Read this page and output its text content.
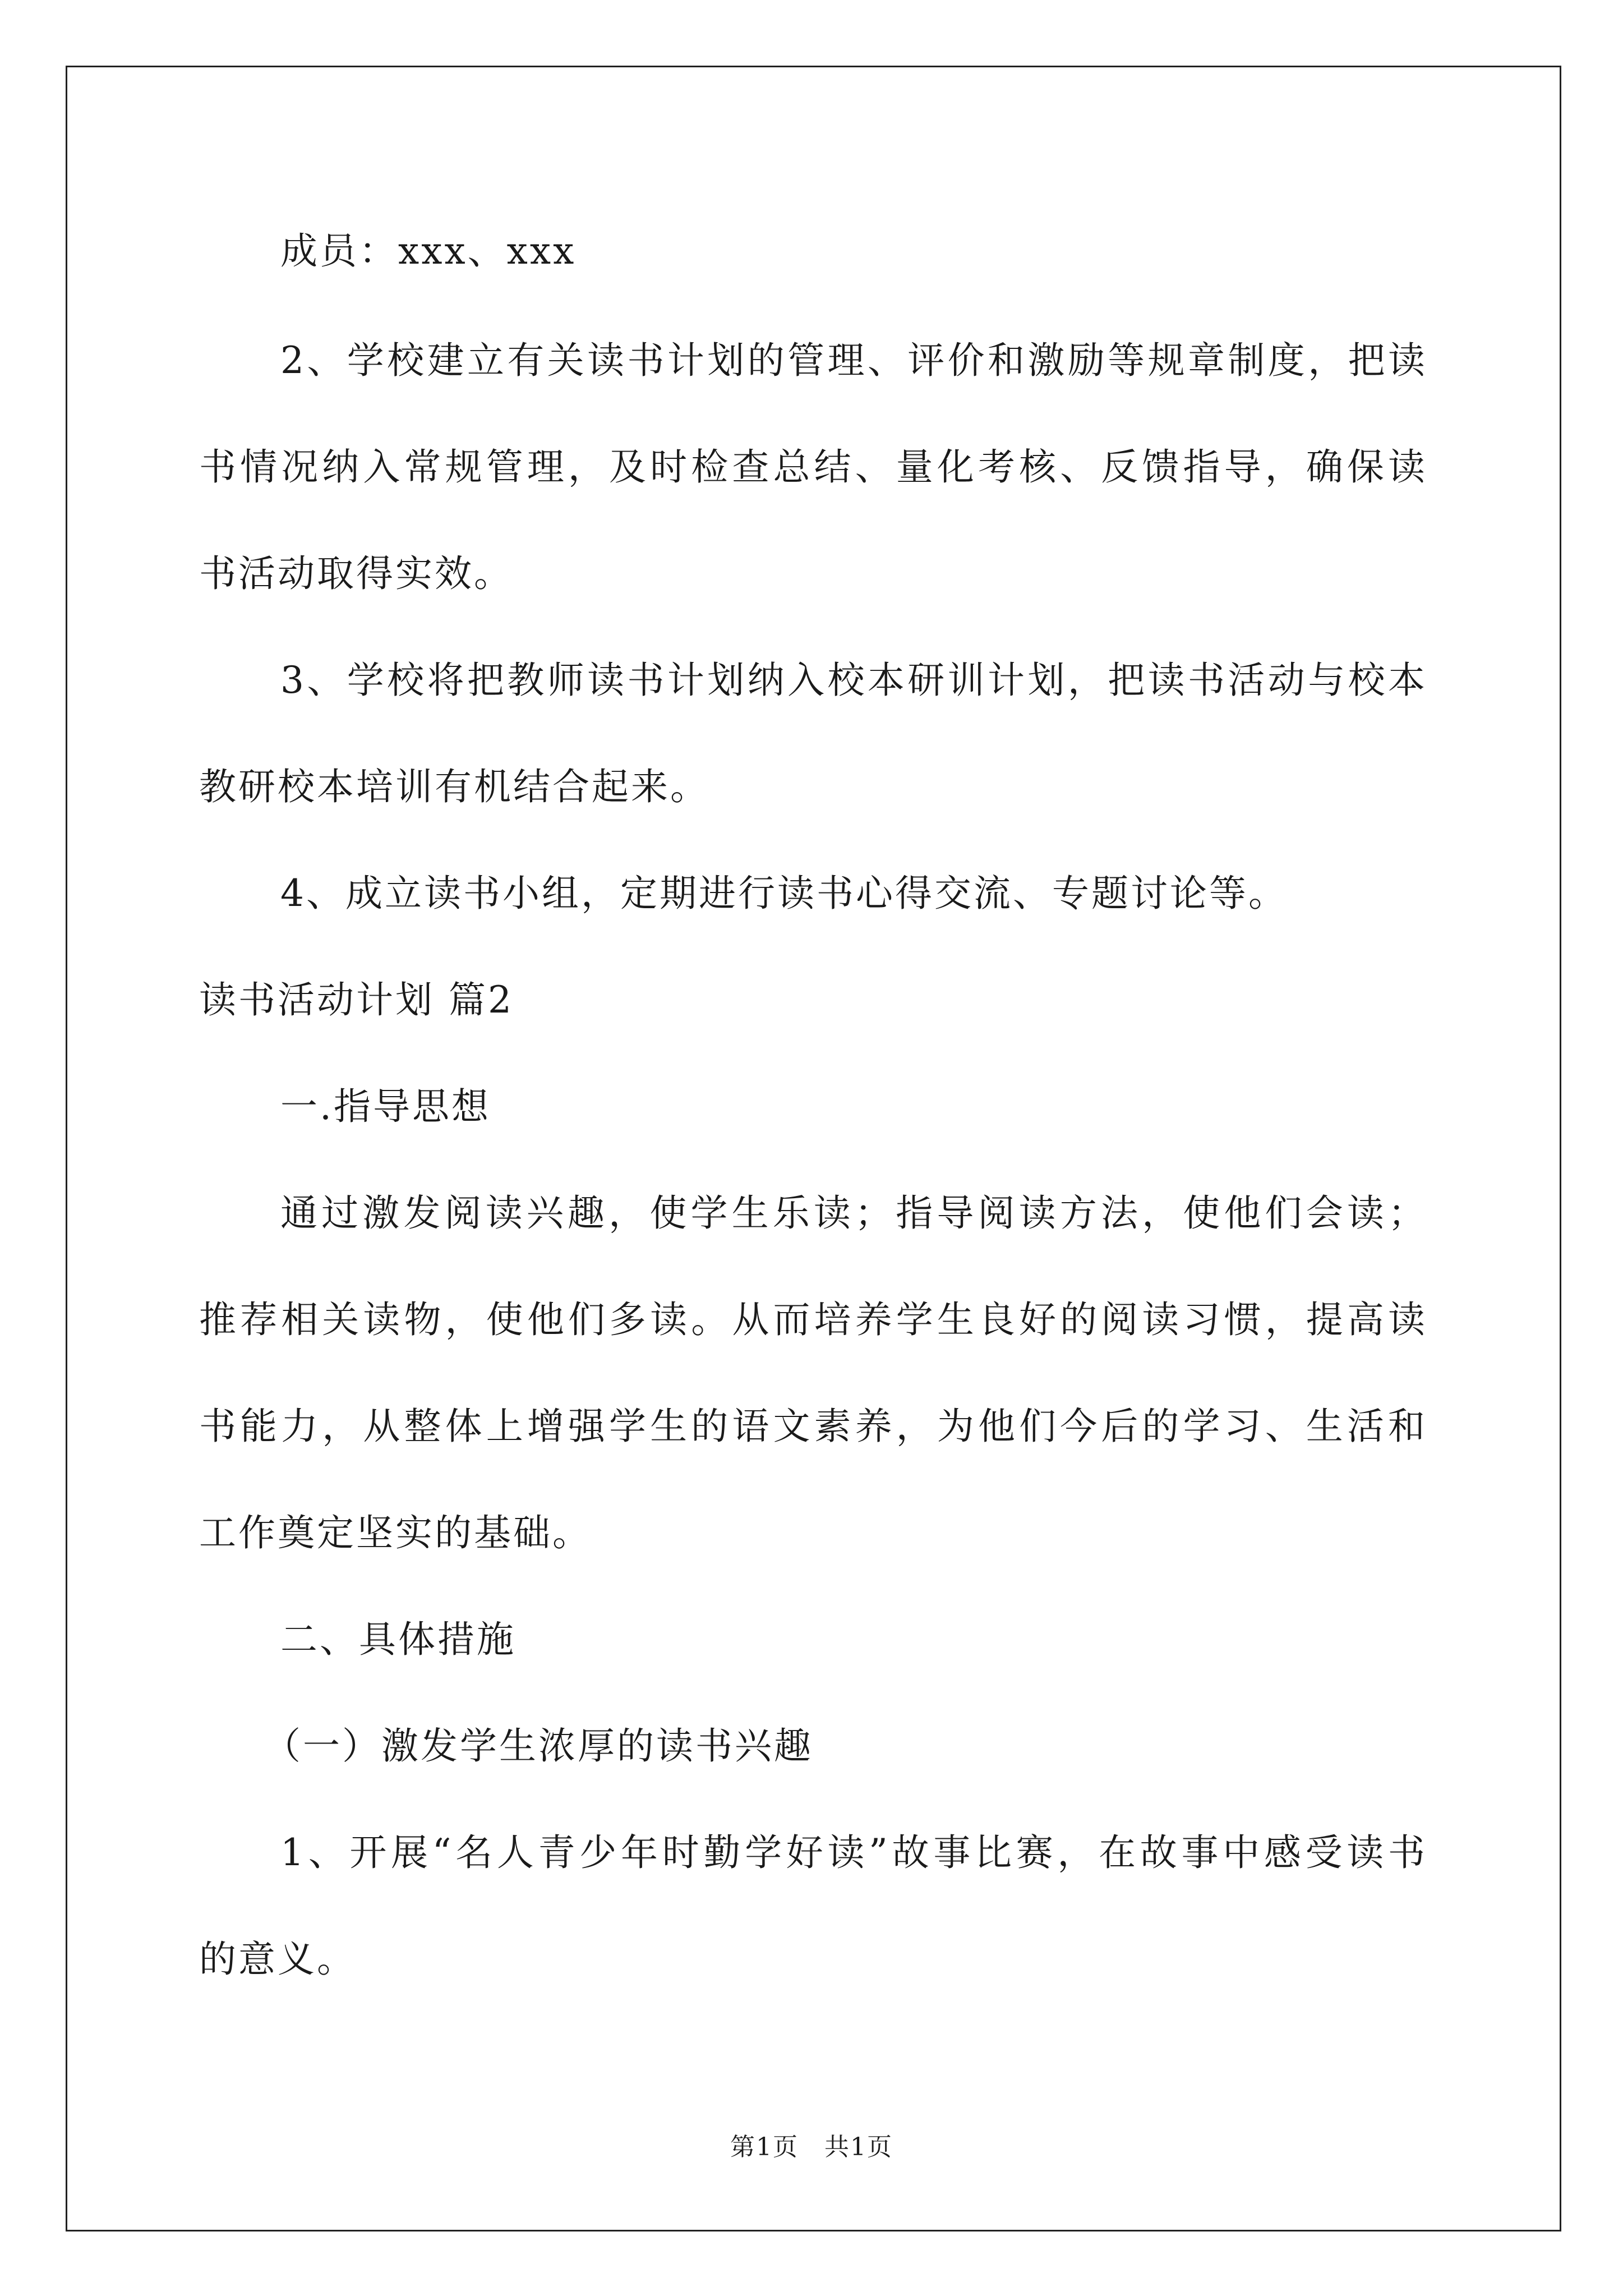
成员：xxx、xxx
2、学校建立有关读书计划的管理、评价和激励等规章制度，把读
书情况纳入常规管理，及时检查总结、量化考核、反馈指导，确保读
书活动取得实效。
3、学校将把教师读书计划纳入校本研训计划，把读书活动与校本
教研校本培训有机结合起来。
4、成立读书小组，定期进行读书心得交流、专题讨论等。
读书活动计划 篇2
一.指导思想
通过激发阅读兴趣，使学生乐读；指导阅读方法，使他们会读；
推荐相关读物，使他们多读。从而培养学生良好的阅读习惯，提高读
书能力，从整体上增强学生的语文素养，为他们今后的学习、生活和
工作奠定坚实的基础。
二、具体措施
（一）激发学生浓厚的读书兴趣
1、开展“名人青少年时勤学好读”故事比赛，在故事中感受读书
的意义。
第1页　共1页
